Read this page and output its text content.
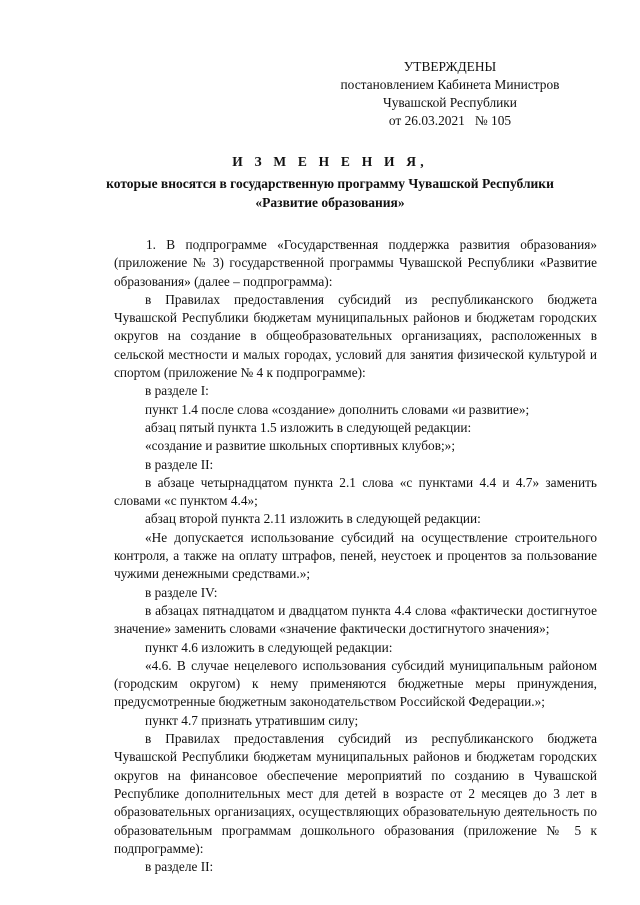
УТВЕРЖДЕНЫ
постановлением Кабинета Министров
Чувашской Республики
от 26.03.2021   № 105
И З М Е Н Е Н И Я,
которые вносятся в государственную программу Чувашской Республики
«Развитие образования»

1. В подпрограмме «Государственная поддержка развития образования» (приложение № 3) государственной программы Чувашской Республики «Развитие образования» (далее – подпрограмма):

в Правилах предоставления субсидий из республиканского бюджета Чувашской Республики бюджетам муниципальных районов и бюджетам городских округов на создание в общеобразовательных организациях, расположенных в сельской местности и малых городах, условий для занятия физической культурой и спортом (приложение № 4 к подпрограмме):

в разделе I:

пункт 1.4 после слова «создание» дополнить словами «и развитие»;

абзац пятый пункта 1.5 изложить в следующей редакции:

«создание и развитие школьных спортивных клубов;»;

в разделе II:

в абзаце четырнадцатом пункта 2.1 слова «с пунктами 4.4 и 4.7» заменить словами «с пунктом 4.4»;

абзац второй пункта 2.11 изложить в следующей редакции:

«Не допускается использование субсидий на осуществление строительного контроля, а также на оплату штрафов, пеней, неустоек и процентов за пользование чужими денежными средствами.»;

в разделе IV:

в абзацах пятнадцатом и двадцатом пункта 4.4 слова «фактически достигнутое значение» заменить словами «значение фактически достигнутого значения»;

пункт 4.6 изложить в следующей редакции:

«4.6. В случае нецелевого использования субсидий муниципальным районом (городским округом) к нему применяются бюджетные меры принуждения, предусмотренные бюджетным законодательством Российской Федерации.»;

пункт 4.7 признать утратившим силу;

в Правилах предоставления субсидий из республиканского бюджета Чувашской Республики бюджетам муниципальных районов и бюджетам городских округов на финансовое обеспечение мероприятий по созданию в Чувашской Республике дополнительных мест для детей в возрасте от 2 месяцев до 3 лет в образовательных организациях, осуществляющих образовательную деятельность по образовательным программам дошкольного образования (приложение № 5 к подпрограмме):

в разделе II:
